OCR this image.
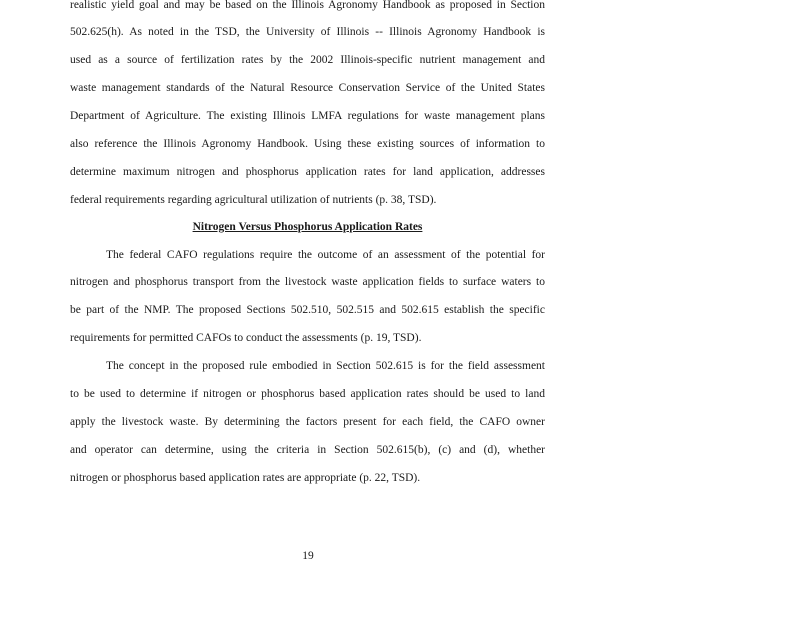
realistic yield goal and may be based on the Illinois Agronomy Handbook as proposed in Section
502.625(h). As noted in the TSD, the University of Illinois -- Illinois Agronomy Handbook is
used as a source of fertilization rates by the 2002 Illinois-specific nutrient management and
waste management standards of the Natural Resource Conservation Service of the United States
Department of Agriculture. The existing Illinois LMFA regulations for waste management plans
also reference the Illinois Agronomy Handbook. Using these existing sources of information to
determine maximum nitrogen and phosphorus application rates for land application, addresses
federal requirements regarding agricultural utilization of nutrients (p. 38, TSD).
Nitrogen Versus Phosphorus Application Rates
The federal CAFO regulations require the outcome of an assessment of the potential for
nitrogen and phosphorus transport from the livestock waste application fields to surface waters to
be part of the NMP. The proposed Sections 502.510, 502.515 and 502.615 establish the specific
requirements for permitted CAFOs to conduct the assessments (p. 19, TSD).
The concept in the proposed rule embodied in Section 502.615 is for the field assessment
to be used to determine if nitrogen or phosphorus based application rates should be used to land
apply the livestock waste. By determining the factors present for each field, the CAFO owner
and operator can determine, using the criteria in Section 502.615(b), (c) and (d), whether
nitrogen or phosphorus based application rates are appropriate (p. 22, TSD).
19
